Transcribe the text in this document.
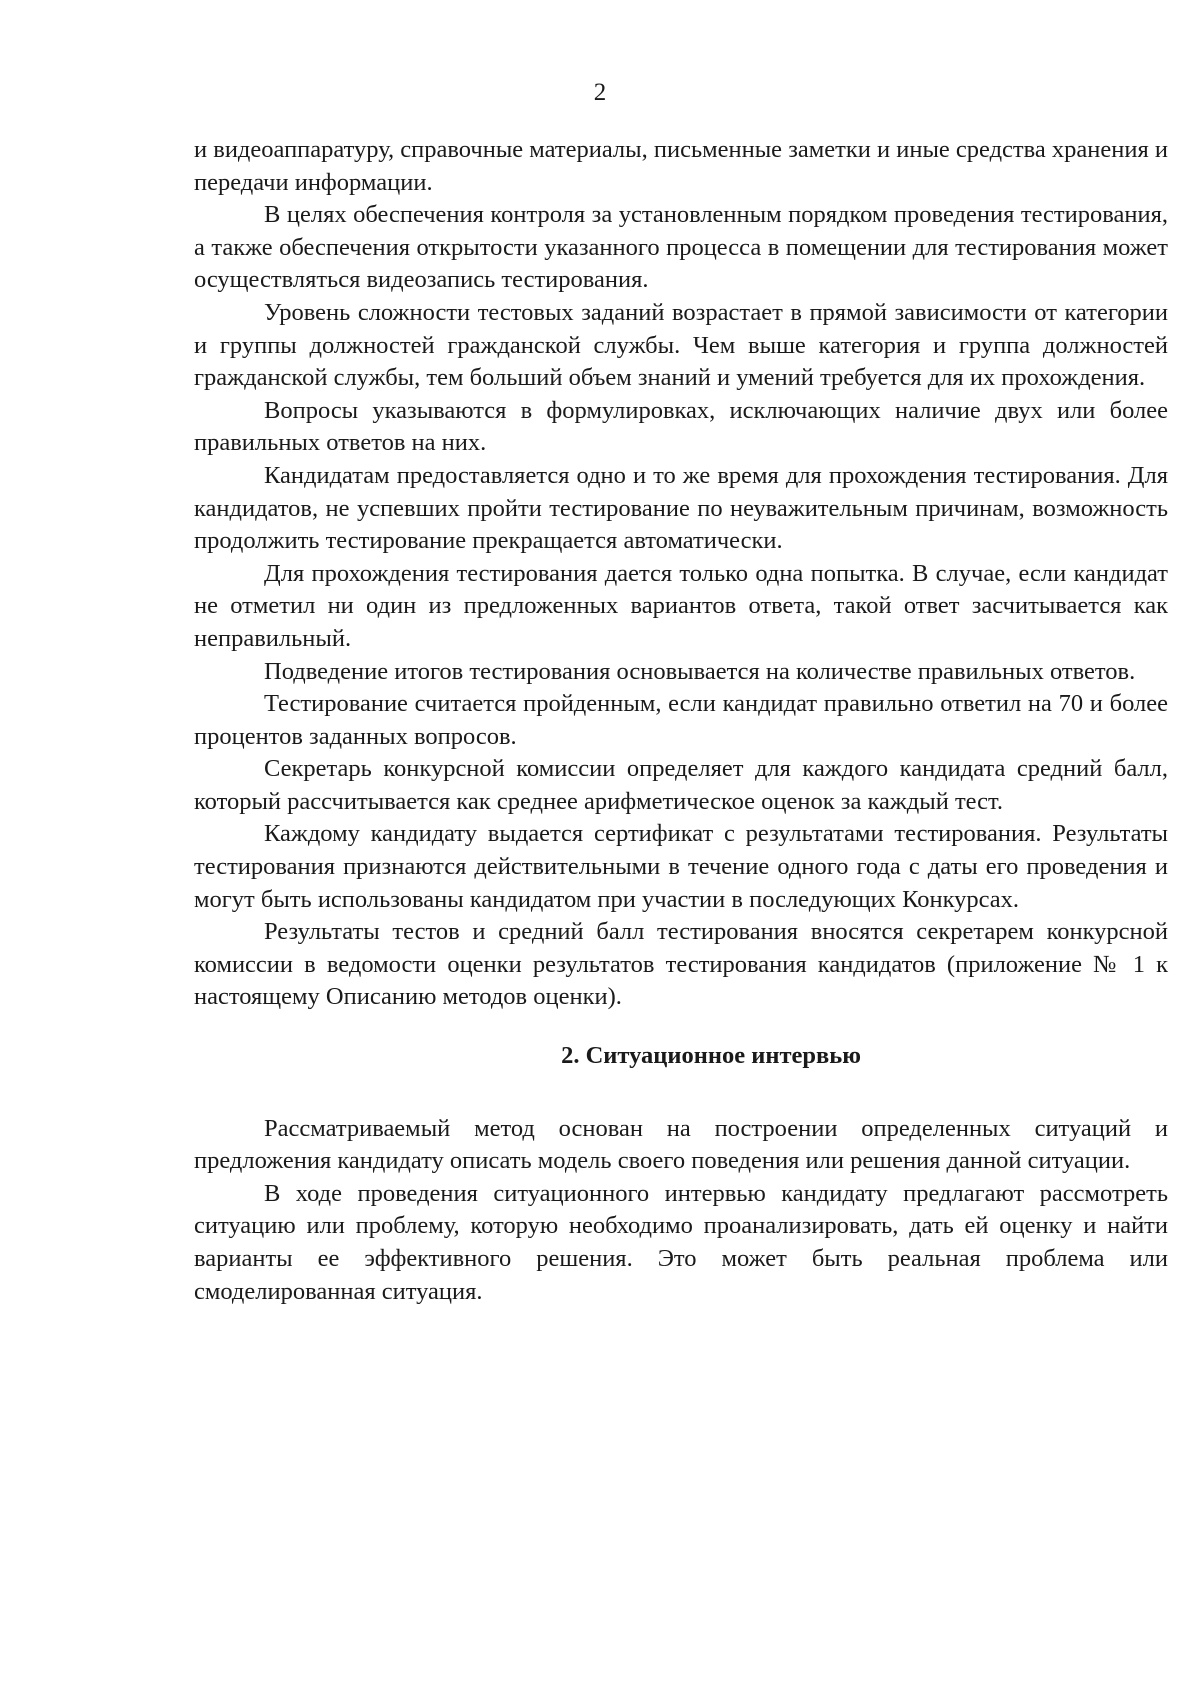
2

и видеоаппаратуру, справочные материалы, письменные заметки и иные средства хранения и передачи информации.

В целях обеспечения контроля за установленным порядком проведения тестирования, а также обеспечения открытости указанного процесса в помещении для тестирования может осуществляться видеозапись тестирования.

Уровень сложности тестовых заданий возрастает в прямой зависимости от категории и группы должностей гражданской службы. Чем выше категория и группа должностей гражданской службы, тем больший объем знаний и умений требуется для их прохождения.

Вопросы указываются в формулировках, исключающих наличие двух или более правильных ответов на них.

Кандидатам предоставляется одно и то же время для прохождения тестирования. Для кандидатов, не успевших пройти тестирование по неуважительным причинам, возможность продолжить тестирование прекращается автоматически.

Для прохождения тестирования дается только одна попытка. В случае, если кандидат не отметил ни один из предложенных вариантов ответа, такой ответ засчитывается как неправильный.

Подведение итогов тестирования основывается на количестве правильных ответов.

Тестирование считается пройденным, если кандидат правильно ответил на 70 и более процентов заданных вопросов.

Секретарь конкурсной комиссии определяет для каждого кандидата средний балл, который рассчитывается как среднее арифметическое оценок за каждый тест.

Каждому кандидату выдается сертификат с результатами тестирования. Результаты тестирования признаются действительными в течение одного года с даты его проведения и могут быть использованы кандидатом при участии в последующих Конкурсах.

Результаты тестов и средний балл тестирования вносятся секретарем конкурсной комиссии в ведомости оценки результатов тестирования кандидатов (приложение № 1 к настоящему Описанию методов оценки).

2. Ситуационное интервью

Рассматриваемый метод основан на построении определенных ситуаций и предложения кандидату описать модель своего поведения или решения данной ситуации.

В ходе проведения ситуационного интервью кандидату предлагают рассмотреть ситуацию или проблему, которую необходимо проанализировать, дать ей оценку и найти варианты ее эффективного решения. Это может быть реальная проблема или смоделированная ситуация.
